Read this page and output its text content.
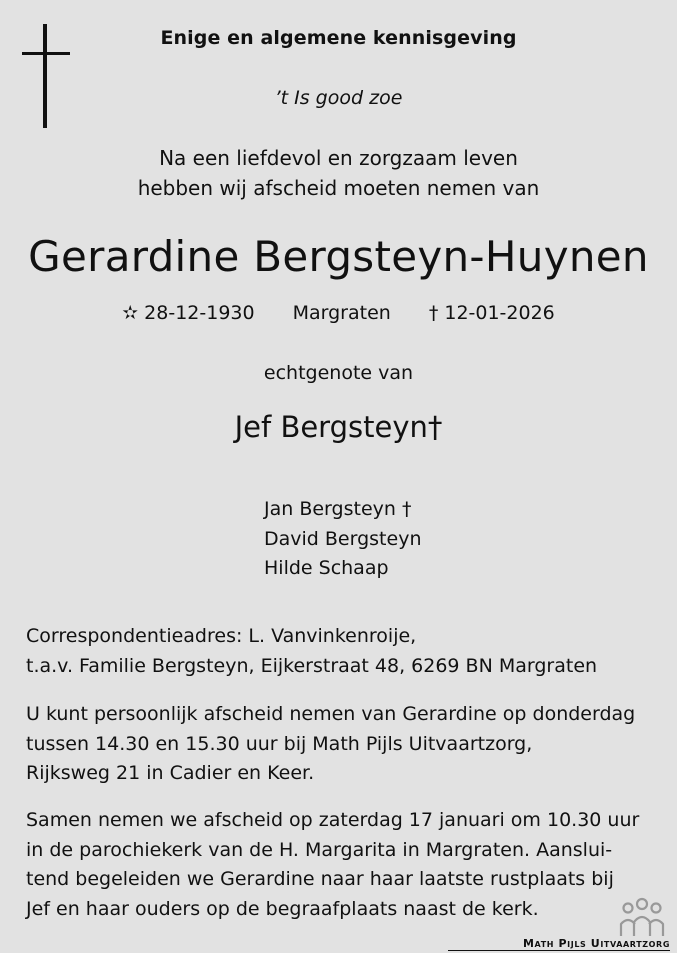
Enige en algemene kennisgeving
’t Is good zoe
Na een liefdevol en zorgzaam leven
hebben wij afscheid moeten nemen van
Gerardine Bergsteyn-Huynen
✫ 28-12-1930 Margraten † 12-01-2026
echtgenote van
Jef Bergsteyn†
Jan Bergsteyn †
David Bergsteyn
Hilde Schaap
Correspondentieadres: L. Vanvinkenroije,
t.a.v. Familie Bergsteyn, Eijkerstraat 48, 6269 BN Margraten
U kunt persoonlijk afscheid nemen van Gerardine op donderdag
tussen 14.30 en 15.30 uur bij Math Pijls Uitvaartzorg,
Rijksweg 21 in Cadier en Keer.
Samen nemen we afscheid op zaterdag 17 januari om 10.30 uur
in de parochiekerk van de H. Margarita in Margraten. Aanslui-
tend begeleiden we Gerardine naar haar laatste rustplaats bij
Jef en haar ouders op de begraafplaats naast de kerk.
Math Pijls Uitvaartzorg
